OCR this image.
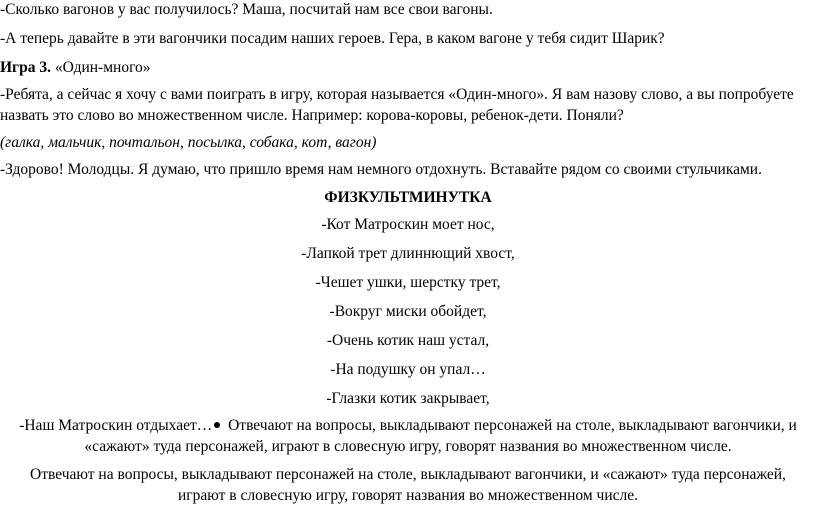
-Сколько вагонов у вас получилось? Маша, посчитай нам все свои вагоны.
-А теперь давайте в эти вагончики посадим наших героев. Гера, в каком вагоне у тебя сидит Шарик?
Игра 3. «Один-много»
-Ребята, а сейчас я хочу с вами поиграть в игру, которая называется «Один-много». Я вам назову слово, а вы попробуете
назвать это слово во множественном числе. Например: корова-коровы, ребенок-дети. Поняли?
(галка, мальчик, почтальон, посылка, собака, кот, вагон)
-Здорово! Молодцы. Я думаю, что пришло время нам немного отдохнуть. Вставайте рядом со своими стульчиками.
ФИЗКУЛЬТМИНУТКА
-Кот Матроскин моет нос,
-Лапкой трет длиннющий хвост,
-Чешет ушки, шерстку трет,
-Вокруг миски обойдет,
-Очень котик наш устал,
-На подушку он упал…
-Глазки котик закрывает,
-Наш Матроскин отдыхает… Отвечают на вопросы, выкладывают персонажей на столе, выкладывают вагончики, и
«сажают» туда персонажей, играют в словесную игру, говорят названия во множественном числе.
Отвечают на вопросы, выкладывают персонажей на столе, выкладывают вагончики, и «сажают» туда персонажей,
играют в словесную игру, говорят названия во множественном числе.
